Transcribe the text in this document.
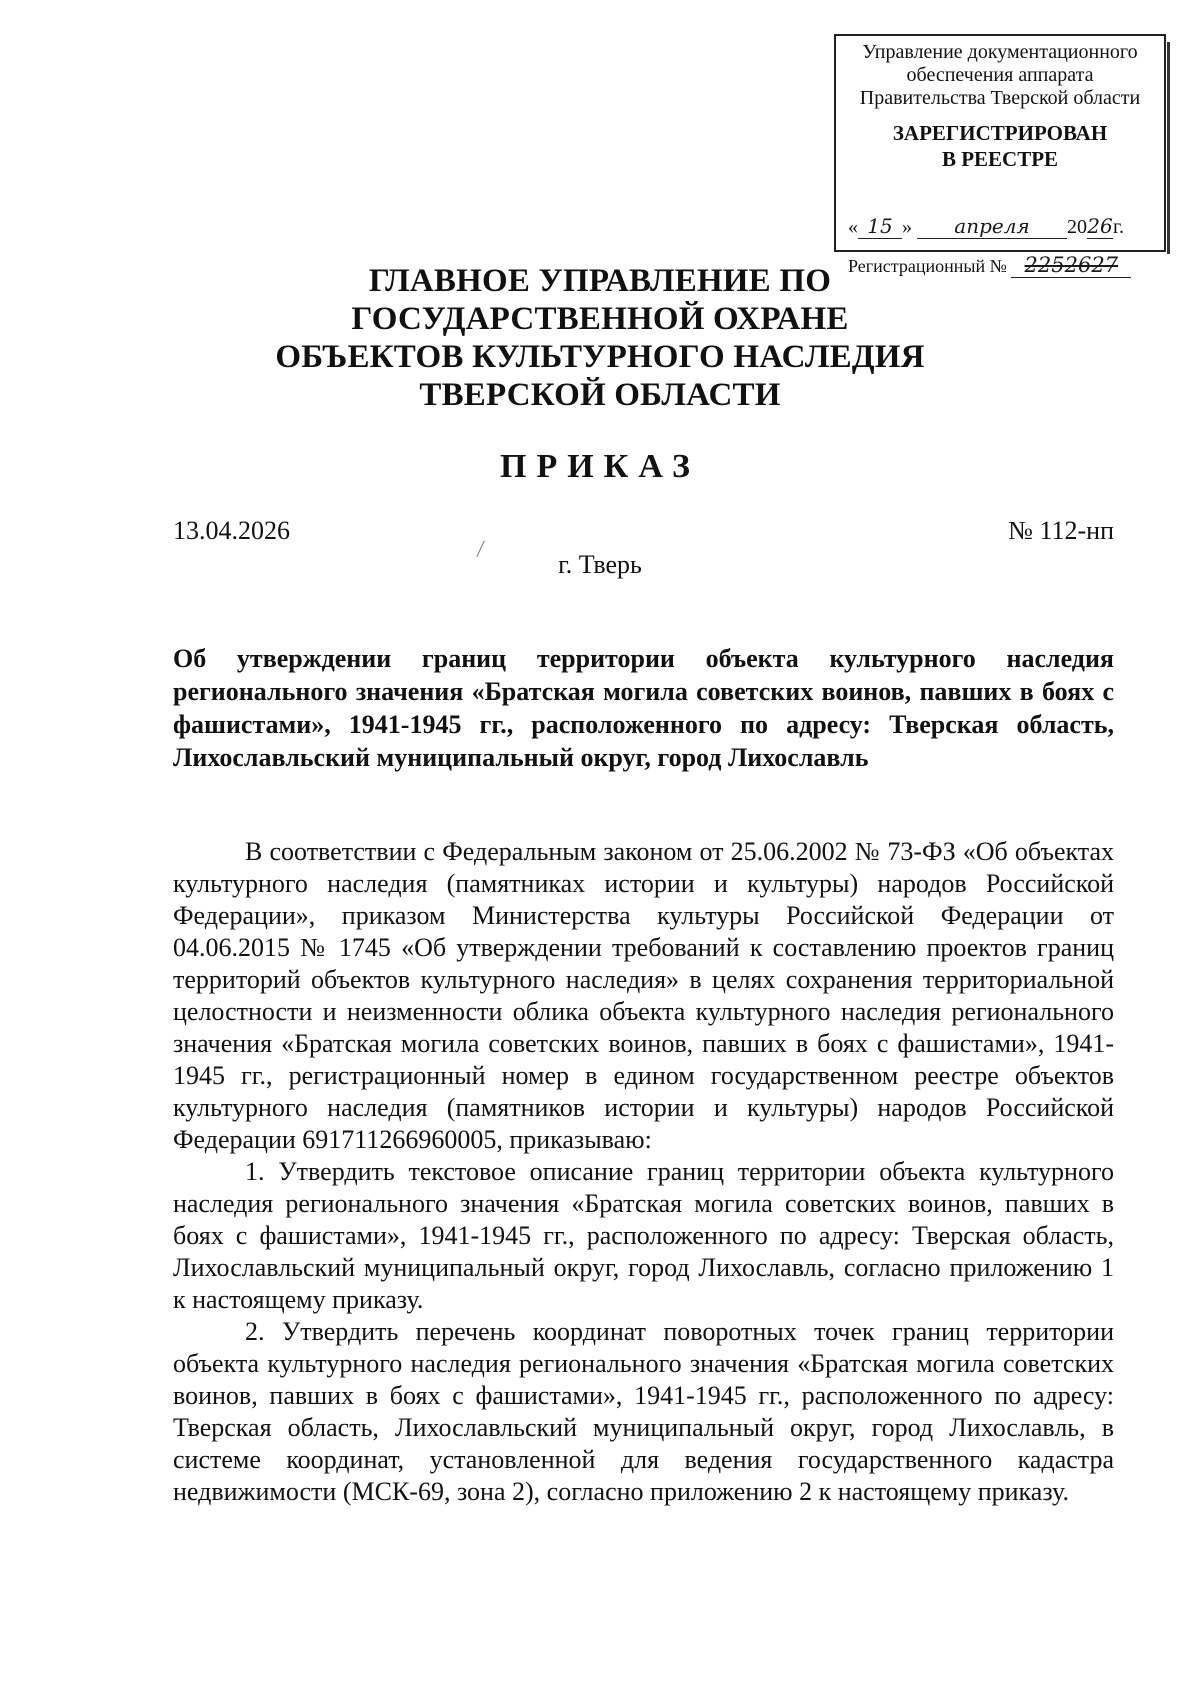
Управление документационного
обеспечения аппарата
Правительства Тверской области
ЗАРЕГИСТРИРОВАН
В РЕЕСТРЕ
« 15 » апреля 2026г.
Регистрационный № 2252627
ГЛАВНОЕ УПРАВЛЕНИЕ ПО
ГОСУДАРСТВЕННОЙ ОХРАНЕ
ОБЪЕКТОВ КУЛЬТУРНОГО НАСЛЕДИЯ
ТВЕРСКОЙ ОБЛАСТИ
ПРИКАЗ
13.04.2026	№ 112-нп
г. Тверь
Об утверждении границ территории объекта культурного наследия регионального значения «Братская могила советских воинов, павших в боях с фашистами», 1941-1945 гг., расположенного по адресу: Тверская область, Лихославльский муниципальный округ, город Лихославль

В соответствии с Федеральным законом от 25.06.2002 № 73-ФЗ «Об объектах культурного наследия (памятниках истории и культуры) народов Российской Федерации», приказом Министерства культуры Российской Федерации от 04.06.2015 № 1745 «Об утверждении требований к составлению проектов границ территорий объектов культурного наследия» в целях сохранения территориальной целостности и неизменности облика объекта культурного наследия регионального значения «Братская могила советских воинов, павших в боях с фашистами», 1941-1945 гг., регистрационный номер в едином государственном реестре объектов культурного наследия (памятников истории и культуры) народов Российской Федерации 691711266960005, приказываю:

1. Утвердить текстовое описание границ территории объекта культурного наследия регионального значения «Братская могила советских воинов, павших в боях с фашистами», 1941-1945 гг., расположенного по адресу: Тверская область, Лихославльский муниципальный округ, город Лихославль, согласно приложению 1 к настоящему приказу.

2. Утвердить перечень координат поворотных точек границ территории объекта культурного наследия регионального значения «Братская могила советских воинов, павших в боях с фашистами», 1941-1945 гг., расположенного по адресу: Тверская область, Лихославльский муниципальный округ, город Лихославль, в системе координат, установленной для ведения государственного кадастра недвижимости (МСК-69, зона 2), согласно приложению 2 к настоящему приказу.
